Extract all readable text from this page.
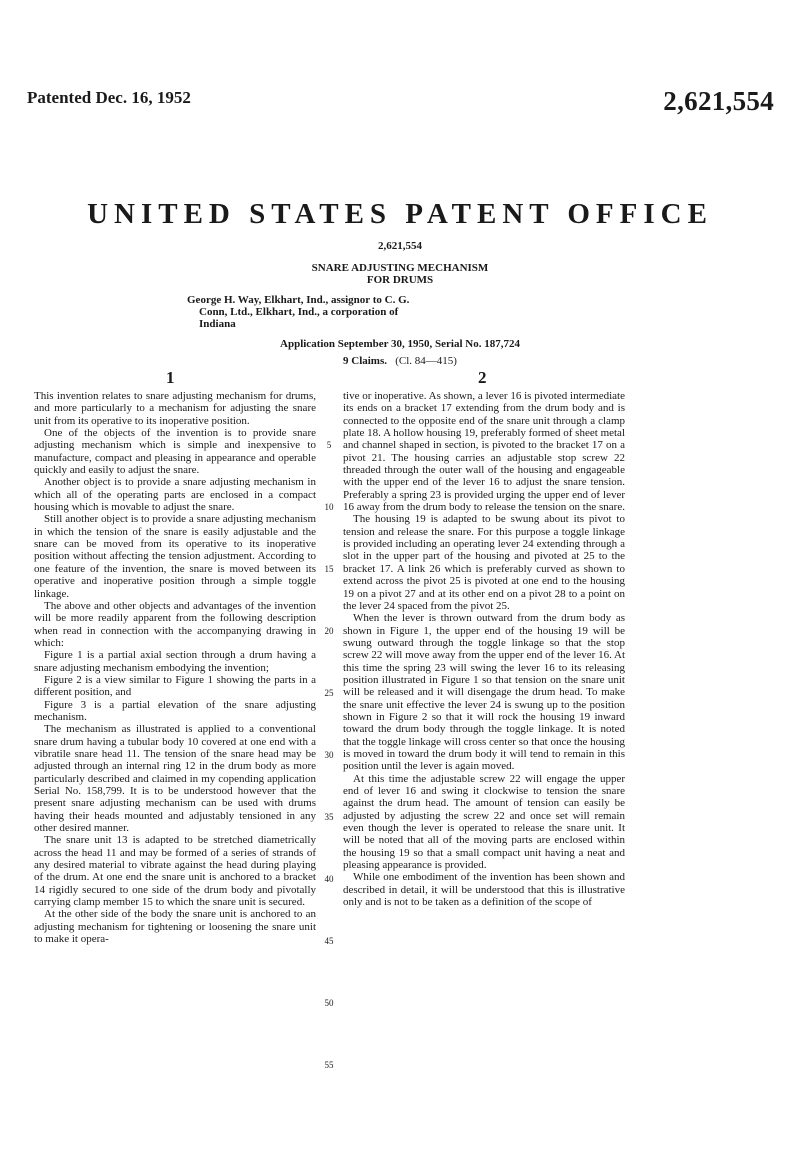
Patented Dec. 16, 1952	2,621,554
UNITED STATES PATENT OFFICE
2,621,554
SNARE ADJUSTING MECHANISM
FOR DRUMS
George H. Way, Elkhart, Ind., assignor to C. G.
Conn, Ltd., Elkhart, Ind., a corporation of
Indiana
Application September 30, 1950, Serial No. 187,724
9 Claims. (Cl. 84—415)
1	2

This invention relates to snare adjusting mechanism for drums, and more particularly to a mechanism for adjusting the snare unit from its operative to its inoperative position.

One of the objects of the invention is to provide snare adjusting mechanism which is simple and inexpensive to manufacture, compact and pleasing in appearance and operable quickly and easily to adjust the snare.

Another object is to provide a snare adjusting mechanism in which all of the operating parts are enclosed in a compact housing which is movable to adjust the snare.

Still another object is to provide a snare adjusting mechanism in which the tension of the snare is easily adjustable and the snare can be moved from its operative to its inoperative position without affecting the tension adjustment. According to one feature of the invention, the snare is moved between its operative and inoperative position through a simple toggle linkage.

The above and other objects and advantages of the invention will be more readily apparent from the following description when read in connection with the accompanying drawing in which:

Figure 1 is a partial axial section through a drum having a snare adjusting mechanism embodying the invention;

Figure 2 is a view similar to Figure 1 showing the parts in a different position, and

Figure 3 is a partial elevation of the snare adjusting mechanism.

The mechanism as illustrated is applied to a conventional snare drum having a tubular body 10 covered at one end with a vibratile snare head 11. The tension of the snare head may be adjusted through an internal ring 12 in the drum body as more particularly described and claimed in my copending application Serial No. 158,799. It is to be understood however that the present snare adjusting mechanism can be used with drums having their heads mounted and adjustably tensioned in any other desired manner.

The snare unit 13 is adapted to be stretched diametrically across the head 11 and may be formed of a series of strands of any desired material to vibrate against the head during playing of the drum. At one end the snare unit is anchored to a bracket 14 rigidly secured to one side of the drum body and pivotally carrying clamp member 15 to which the snare unit is secured.

At the other side of the body the snare unit is anchored to an adjusting mechanism for tightening or loosening the snare unit to make it opera-

tive or inoperative. As shown, a lever 16 is pivoted intermediate its ends on a bracket 17 extending from the drum body and is connected to the opposite end of the snare unit through a clamp plate 18. A hollow housing 19, preferably formed of sheet metal and channel shaped in section, is pivoted to the bracket 17 on a pivot 21. The housing carries an adjustable stop screw 22 threaded through the outer wall of the housing and engageable with the upper end of the lever 16 to adjust the snare tension. Preferably a spring 23 is provided urging the upper end of lever 16 away from the drum body to release the tension on the snare.

The housing 19 is adapted to be swung about its pivot to tension and release the snare. For this purpose a toggle linkage is provided including an operating lever 24 extending through a slot in the upper part of the housing and pivoted at 25 to the bracket 17. A link 26 which is preferably curved as shown to extend across the pivot 25 is pivoted at one end to the housing 19 on a pivot 27 and at its other end on a pivot 28 to a point on the lever 24 spaced from the pivot 25.

When the lever is thrown outward from the drum body as shown in Figure 1, the upper end of the housing 19 will be swung outward through the toggle linkage so that the stop screw 22 will move away from the upper end of the lever 16. At this time the spring 23 will swing the lever 16 to its releasing position illustrated in Figure 1 so that tension on the snare unit will be released and it will disengage the drum head. To make the snare unit effective the lever 24 is swung up to the position shown in Figure 2 so that it will rock the housing 19 inward toward the drum body through the toggle linkage. It is noted that the toggle linkage will cross center so that once the housing is moved in toward the drum body it will tend to remain in this position until the lever is again moved.

At this time the adjustable screw 22 will engage the upper end of lever 16 and swing it clockwise to tension the snare against the drum head. The amount of tension can easily be adjusted by adjusting the screw 22 and once set will remain even though the lever is operated to release the snare unit. It will be noted that all of the moving parts are enclosed within the housing 19 so that a small compact unit having a neat and pleasing appearance is provided.

While one embodiment of the invention has been shown and described in detail, it will be understood that this is illustrative only and is not to be taken as a definition of the scope of

5
10
15
20
25
30
35
40
45
50
55
